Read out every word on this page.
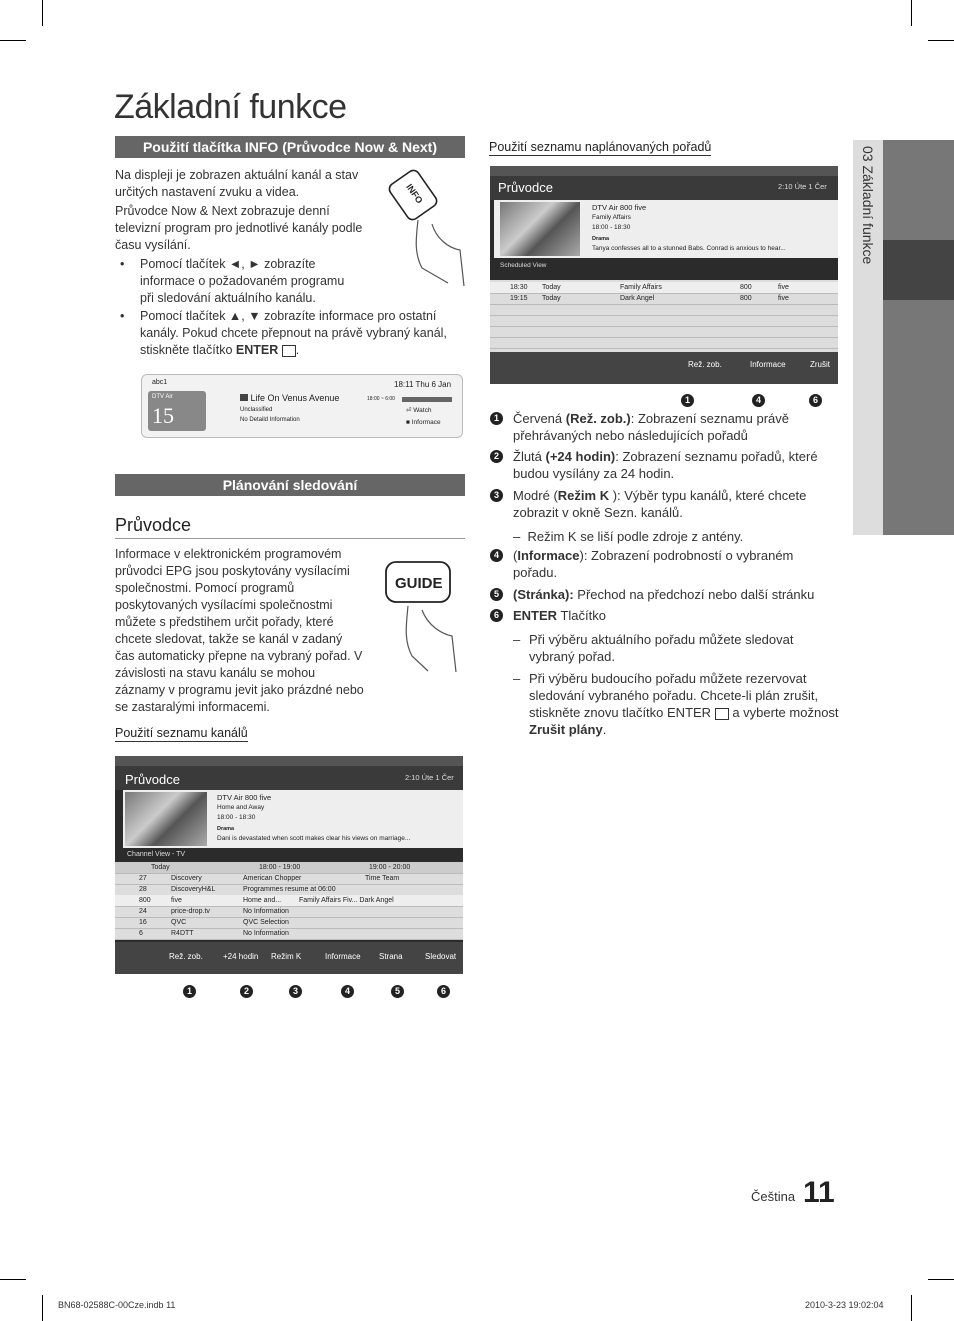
03 Základní funkce
Základní funkce
Použití tlačítka INFO (Průvodce Now & Next)
Na displeji je zobrazen aktuální kanál a stav určitých nastavení zvuku a videa.
Průvodce Now & Next zobrazuje denní televizní program pro jednotlivé kanály podle času vysílání.
INFO
• Pomocí tlačítek ◄, ► zobrazíte informace o požadovaném programu při sledování aktuálního kanálu.
• Pomocí tlačítek ▲, ▼ zobrazíte informace pro ostatní kanály. Pokud chcete přepnout na právě vybraný kanál, stiskněte tlačítko ENTER .
abc1	18:11 Thu 6 Jan
DTV Air
15
Life On Venus Avenue
Unclassified
No Detaild Information
18:00 ~ 6:00
⏎ Watch
■ Informace
Plánování sledování
Průvodce
Informace v elektronickém programovém průvodci EPG jsou poskytovány vysílacími společnostmi. Pomocí programů poskytovaných vysílacími společnostmi můžete s předstihem určit pořady, které chcete sledovat, takže se kanál v zadaný čas automaticky přepne na vybraný pořad. V závislosti na stavu kanálu se mohou záznamy v programu jevit jako prázdné nebo se zastaralými informacemi.
GUIDE
Použití seznamu kanálů
Průvodce	2:10 Úte 1 Čer
DTV Air 800 five
Home and Away
18:00 - 18:30
Drama
Dani is devastated when scott makes clear his views on marriage...
Channel View - TV
Today	18:00 - 19:00	19:00 - 20:00
27	Discovery	American Chopper	Time Team
28	DiscoveryH&L	Programmes resume at 06:00
800	five	Home and...	Family Affairs Fiv... Dark Angel
24	price-drop.tv	No Information
16	QVC	QVC Selection
6	R4DTT	No Information
Rež. zob.	+24 hodin Režim K	Informace Strana	Sledovat
1	2	3	4	5	6
Použití seznamu naplánovaných pořadů
Průvodce	2:10 Úte 1 Čer
DTV Air 800 five
Family Affairs
18:00 - 18:30
Drama
Tanya confesses all to a stunned Babs. Conrad is anxious to hear...
Scheduled View
18:30 Today	Family Affairs	800	five
19:15 Today	Dark Angel	800	five
Rež. zob.	Informace	Zrušit
1	4	6
1	Červená (Rež. zob.): Zobrazení seznamu právě přehrávaných nebo následujících pořadů
2	Žlutá (+24 hodin): Zobrazení seznamu pořadů, které budou vysílány za 24 hodin.
3	Modré (Režim K ): Výběr typu kanálů, které chcete zobrazit v okně Sezn. kanálů.
–  Režim K se liší podle zdroje z antény.
4	(Informace): Zobrazení podrobností o vybraném pořadu.
5	(Stránka): Přechod na předchozí nebo další stránku
6	ENTER Tlačítko
– Při výběru aktuálního pořadu můžete sledovat vybraný pořad.
– Při výběru budoucího pořadu můžete rezervovat sledování vybraného pořadu. Chcete-li plán zrušit, stiskněte znovu tlačítko ENTER  a vyberte možnost Zrušit plány.
Čeština 11
BN68-02588C-00Cze.indb 11	2010-3-23 19:02:04
